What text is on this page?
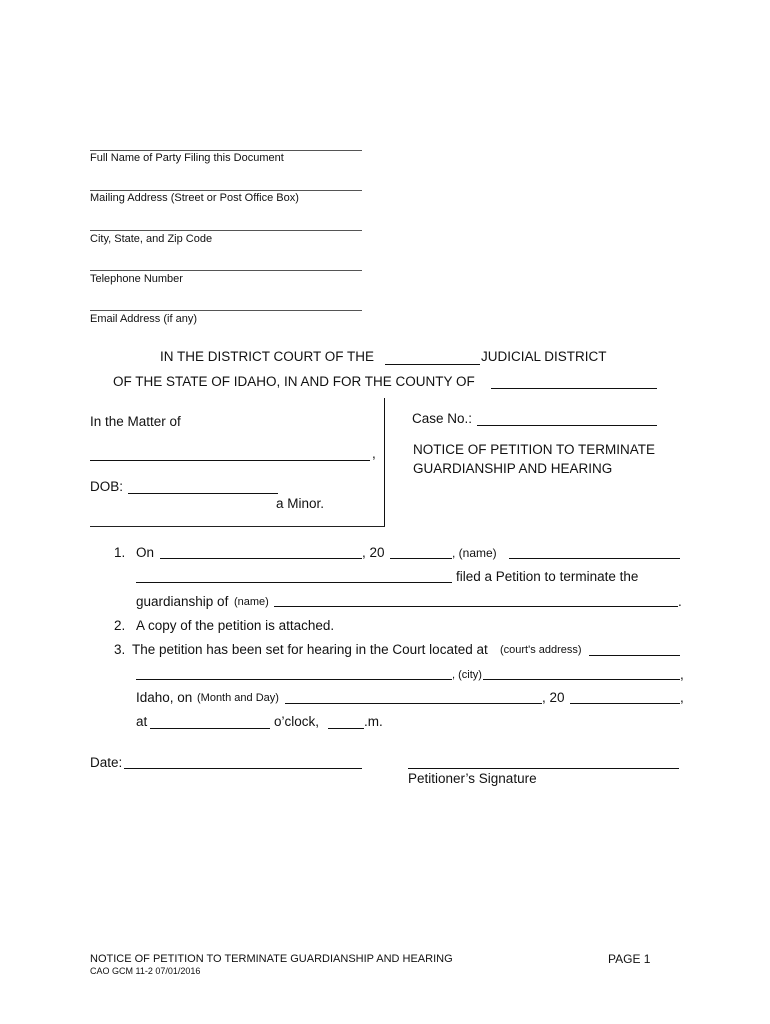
Full Name of Party Filing this Document
Mailing Address (Street or Post Office Box)
City, State, and Zip Code
Telephone Number
Email Address (if any)
IN THE DISTRICT COURT OF THE	JUDICIAL DISTRICT
OF THE STATE OF IDAHO, IN AND FOR THE COUNTY OF
In the Matter of
,
DOB:
a Minor.
Case No.:
NOTICE OF PETITION TO TERMINATE
GUARDIANSHIP AND HEARING
1. On	, 20	, (name)
filed a Petition to terminate the
guardianship of (name)	.
2. A copy of the petition is attached.
3. The petition has been set for hearing in the Court located at (court's address)
, (city)	,
Idaho, on (Month and Day)	, 20	,
at	o’clock,	.m.
Date:
Petitioner’s Signature
NOTICE OF PETITION TO TERMINATE GUARDIANSHIP AND HEARING	PAGE 1
CAO GCM 11-2 07/01/2016
